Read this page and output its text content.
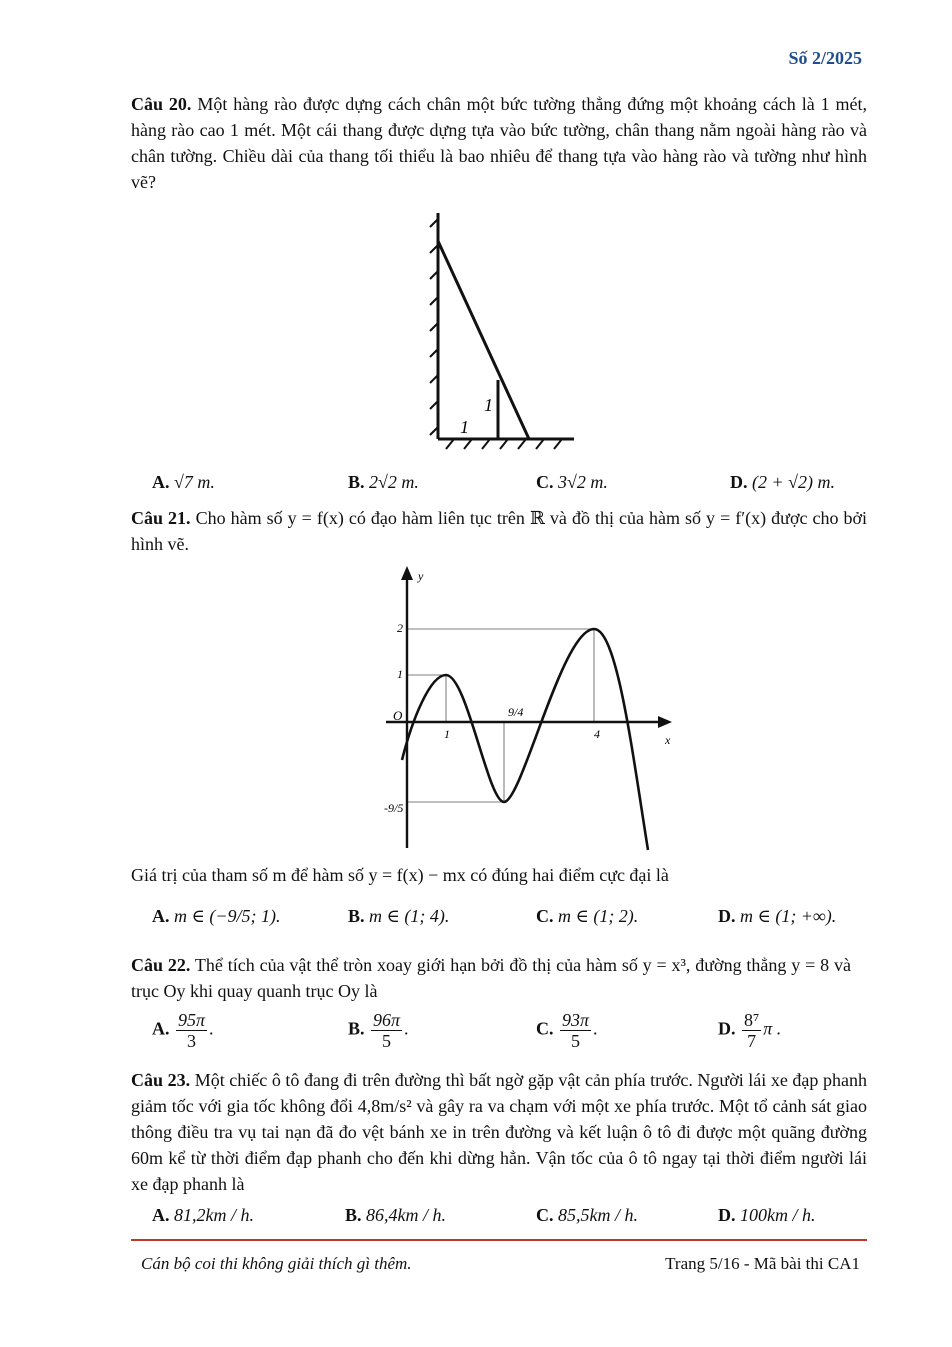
Số 2/2025
Câu 20. Một hàng rào được dựng cách chân một bức tường thẳng đứng một khoảng cách là 1 mét, hàng rào cao 1 mét. Một cái thang được dựng tựa vào bức tường, chân thang nằm ngoài hàng rào và chân tường. Chiều dài của thang tối thiểu là bao nhiêu để thang tựa vào hàng rào và tường như hình vẽ?
1
1
A. √7 m.	B. 2√2 m.	C. 3√2 m.	D. (2 + √2) m.
Câu 21. Cho hàm số y = f(x) có đạo hàm liên tục trên ℝ và đồ thị của hàm số y = f′(x) được cho bởi hình vẽ.
y
x
O
2
1
-9/5
1
9/4
4
Giá trị của tham số m để hàm số y = f(x) − mx có đúng hai điểm cực đại là
A. m ∈ (−9/5; 1).	B. m ∈ (1; 4).	C. m ∈ (1; 2).	D. m ∈ (1; +∞).
Câu 22. Thể tích của vật thể tròn xoay giới hạn bởi đồ thị của hàm số y = x³, đường thẳng y = 8 và trục Oy khi quay quanh trục Oy là
A. $\frac{95\pi}{3}$ .	B. $\frac{96\pi}{5}$ .	C. $\frac{93\pi}{5}$ .	D. $\frac{\text{8⁷}}{7}$ π .
Câu 23. Một chiếc ô tô đang đi trên đường thì bất ngờ gặp vật cản phía trước. Người lái xe đạp phanh giảm tốc với gia tốc không đổi 4,8m/s² và gây ra va chạm với một xe phía trước. Một tổ cảnh sát giao thông điều tra vụ tai nạn đã đo vệt bánh xe in trên đường và kết luận ô tô đi được một quãng đường 60m kể từ thời điểm đạp phanh cho đến khi dừng hẳn. Vận tốc của ô tô ngay tại thời điểm người lái xe đạp phanh là
A. 81,2km / h.	B. 86,4km / h.	C. 85,5km / h.	D. 100km / h.
Cán bộ coi thi không giải thích gì thêm.	Trang 5/16 - Mã bài thi CA1
